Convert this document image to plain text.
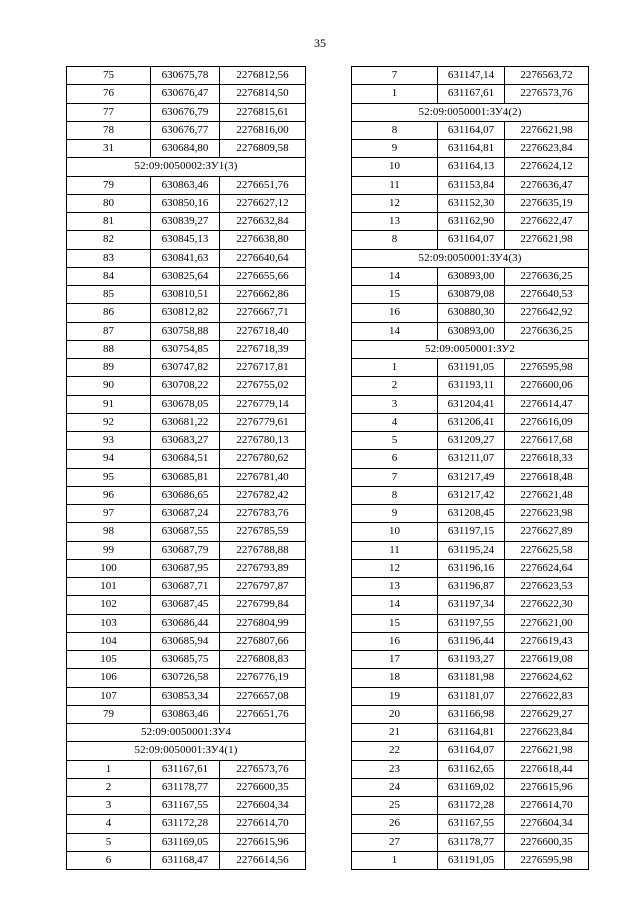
35
75	630675,78	2276812,56
76	630676,47	2276814,50
77	630676,79	2276815,61
78	630676,77	2276816,00
31	630684,80	2276809,58
52:09:0050002:ЗУ1(3)		
79	630863,46	2276651,76
80	630850,16	2276627,12
81	630839,27	2276632,84
82	630845,13	2276638,80
83	630841,63	2276640,64
84	630825,64	2276655,66
85	630810,51	2276662,86
86	630812,82	2276667,71
87	630758,88	2276718,40
88	630754,85	2276718,39
89	630747,82	2276717,81
90	630708,22	2276755,02
91	630678,05	2276779,14
92	630681,22	2276779,61
93	630683,27	2276780,13
94	630684,51	2276780,62
95	630685,81	2276781,40
96	630686,65	2276782,42
97	630687,24	2276783,76
98	630687,55	2276785,59
99	630687,79	2276788,88
100	630687,95	2276793,89
101	630687,71	2276797,87
102	630687,45	2276799,84
103	630686,44	2276804,99
104	630685,94	2276807,66
105	630685,75	2276808,83
106	630726,58	2276776,19
107	630853,34	2276657,08
79	630863,46	2276651,76
52:09:0050001:ЗУ4		
52:09:0050001:ЗУ4(1)		
1	631167,61	2276573,76
2	631178,77	2276600,35
3	631167,55	2276604,34
4	631172,28	2276614,70
5	631169,05	2276615,96
6	631168,47	2276614,56
7	631147,14	2276563,72
1	631167,61	2276573,76
52:09:0050001:ЗУ4(2)		
8	631164,07	2276621,98
9	631164,81	2276623,84
10	631164,13	2276624,12
11	631153,84	2276636,47
12	631152,30	2276635,19
13	631162,90	2276622,47
8	631164,07	2276621,98
52:09:0050001:ЗУ4(3)		
14	630893,00	2276636,25
15	630879,08	2276640,53
16	630880,30	2276642,92
14	630893,00	2276636,25
52:09:0050001:ЗУ2		
1	631191,05	2276595,98
2	631193,11	2276600,06
3	631204,41	2276614,47
4	631206,41	2276616,09
5	631209,27	2276617,68
6	631211,07	2276618,33
7	631217,49	2276618,48
8	631217,42	2276621,48
9	631208,45	2276623,98
10	631197,15	2276627,89
11	631195,24	2276625,58
12	631196,16	2276624,64
13	631196,87	2276623,53
14	631197,34	2276622,30
15	631197,55	2276621,00
16	631196,44	2276619,43
17	631193,27	2276619,08
18	631181,98	2276624,62
19	631181,07	2276622,83
20	631166,98	2276629,27
21	631164,81	2276623,84
22	631164,07	2276621,98
23	631162,65	2276618,44
24	631169,02	2276615,96
25	631172,28	2276614,70
26	631167,55	2276604,34
27	631178,77	2276600,35
1	631191,05	2276595,98
